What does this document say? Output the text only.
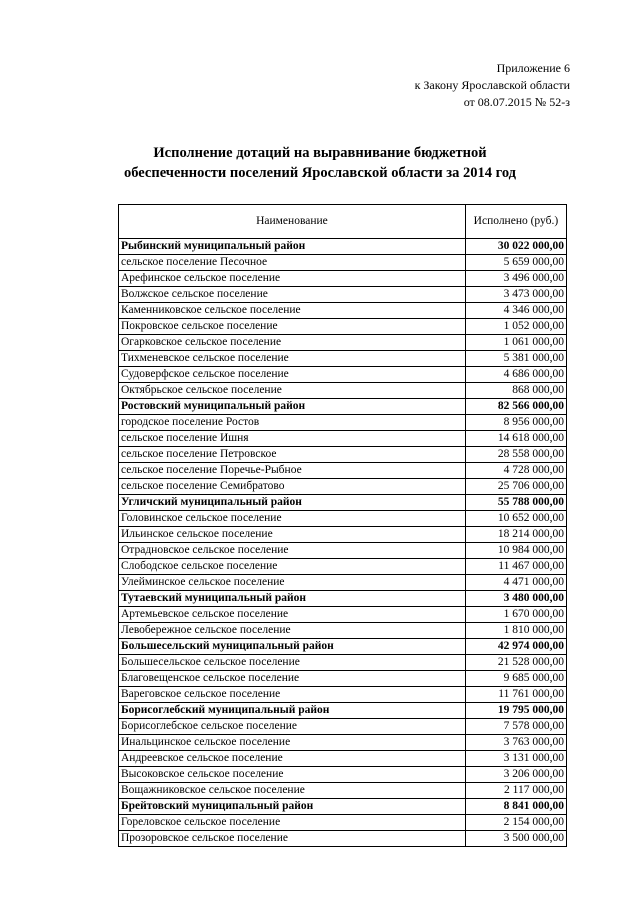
Приложение 6
к Закону Ярославской области
от 08.07.2015 № 52-з
Исполнение дотаций на выравнивание бюджетной
обеспеченности поселений Ярославской области за 2014 год
Наименование	Исполнено (руб.)
Рыбинский муниципальный район	30 022 000,00
сельское поселение Песочное	5 659 000,00
Арефинское сельское поселение	3 496 000,00
Волжское сельское поселение	3 473 000,00
Каменниковское сельское поселение	4 346 000,00
Покровское сельское поселение	1 052 000,00
Огарковское сельское поселение	1 061 000,00
Тихменевское сельское поселение	5 381 000,00
Судоверфское сельское поселение	4 686 000,00
Октябрьское сельское поселение	868 000,00
Ростовский муниципальный район	82 566 000,00
городское поселение Ростов	8 956 000,00
сельское поселение Ишня	14 618 000,00
сельское поселение Петровское	28 558 000,00
сельское поселение Поречье-Рыбное	4 728 000,00
сельское поселение Семибратово	25 706 000,00
Угличский муниципальный район	55 788 000,00
Головинское сельское поселение	10 652 000,00
Ильинское сельское поселение	18 214 000,00
Отрадновское сельское поселение	10 984 000,00
Слободское сельское поселение	11 467 000,00
Улейминское сельское поселение	4 471 000,00
Тутаевский муниципальный район	3 480 000,00
Артемьевское сельское поселение	1 670 000,00
Левобережное сельское поселение	1 810 000,00
Большесельский муниципальный район	42 974 000,00
Большесельское сельское поселение	21 528 000,00
Благовещенское сельское поселение	9 685 000,00
Вареговское сельское поселение	11 761 000,00
Борисоглебский муниципальный район	19 795 000,00
Борисоглебское сельское поселение	7 578 000,00
Инальцинское сельское поселение	3 763 000,00
Андреевское сельское поселение	3 131 000,00
Высоковское сельское поселение	3 206 000,00
Вощажниковское сельское поселение	2 117 000,00
Брейтовский муниципальный район	8 841 000,00
Гореловское сельское поселение	2 154 000,00
Прозоровское сельское поселение	3 500 000,00
